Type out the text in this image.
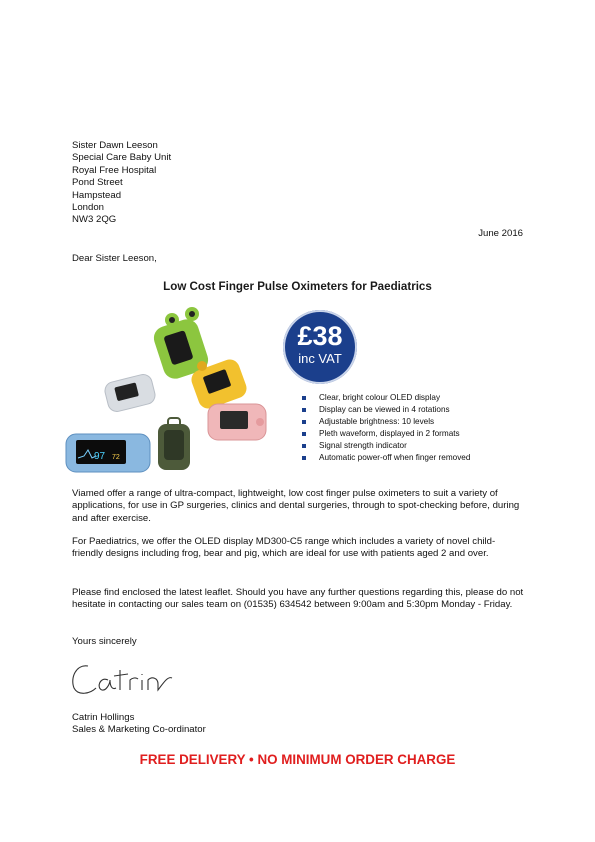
Sister Dawn Leeson
Special Care Baby Unit
Royal Free Hospital
Pond Street
Hampstead
London
NW3 2QG
June 2016
Dear Sister Leeson,
Low Cost Finger Pulse Oximeters for Paediatrics
97 72
£38
inc VAT
Clear, bright colour OLED display
Display can be viewed in 4 rotations
Adjustable brightness: 10 levels
Pleth waveform, displayed in 2 formats
Signal strength indicator
Automatic power-off when finger removed

Viamed offer a range of ultra-compact, lightweight, low cost finger pulse oximeters to suit a variety of applications, for use in GP surgeries, clinics and dental surgeries, through to spot-checking before, during and after exercise.

For Paediatrics, we offer the OLED display MD300-C5 range which includes a variety of novel child-friendly designs including frog, bear and pig, which are ideal for use with patients aged 2 and over.

Please find enclosed the latest leaflet. Should you have any further questions regarding this, please do not hesitate in contacting our sales team on (01535) 634542 between 9:00am and 5:30pm Monday - Friday.

Yours sincerely
Catrin Hollings
Sales & Marketing Co-ordinator
FREE DELIVERY • NO MINIMUM ORDER CHARGE
